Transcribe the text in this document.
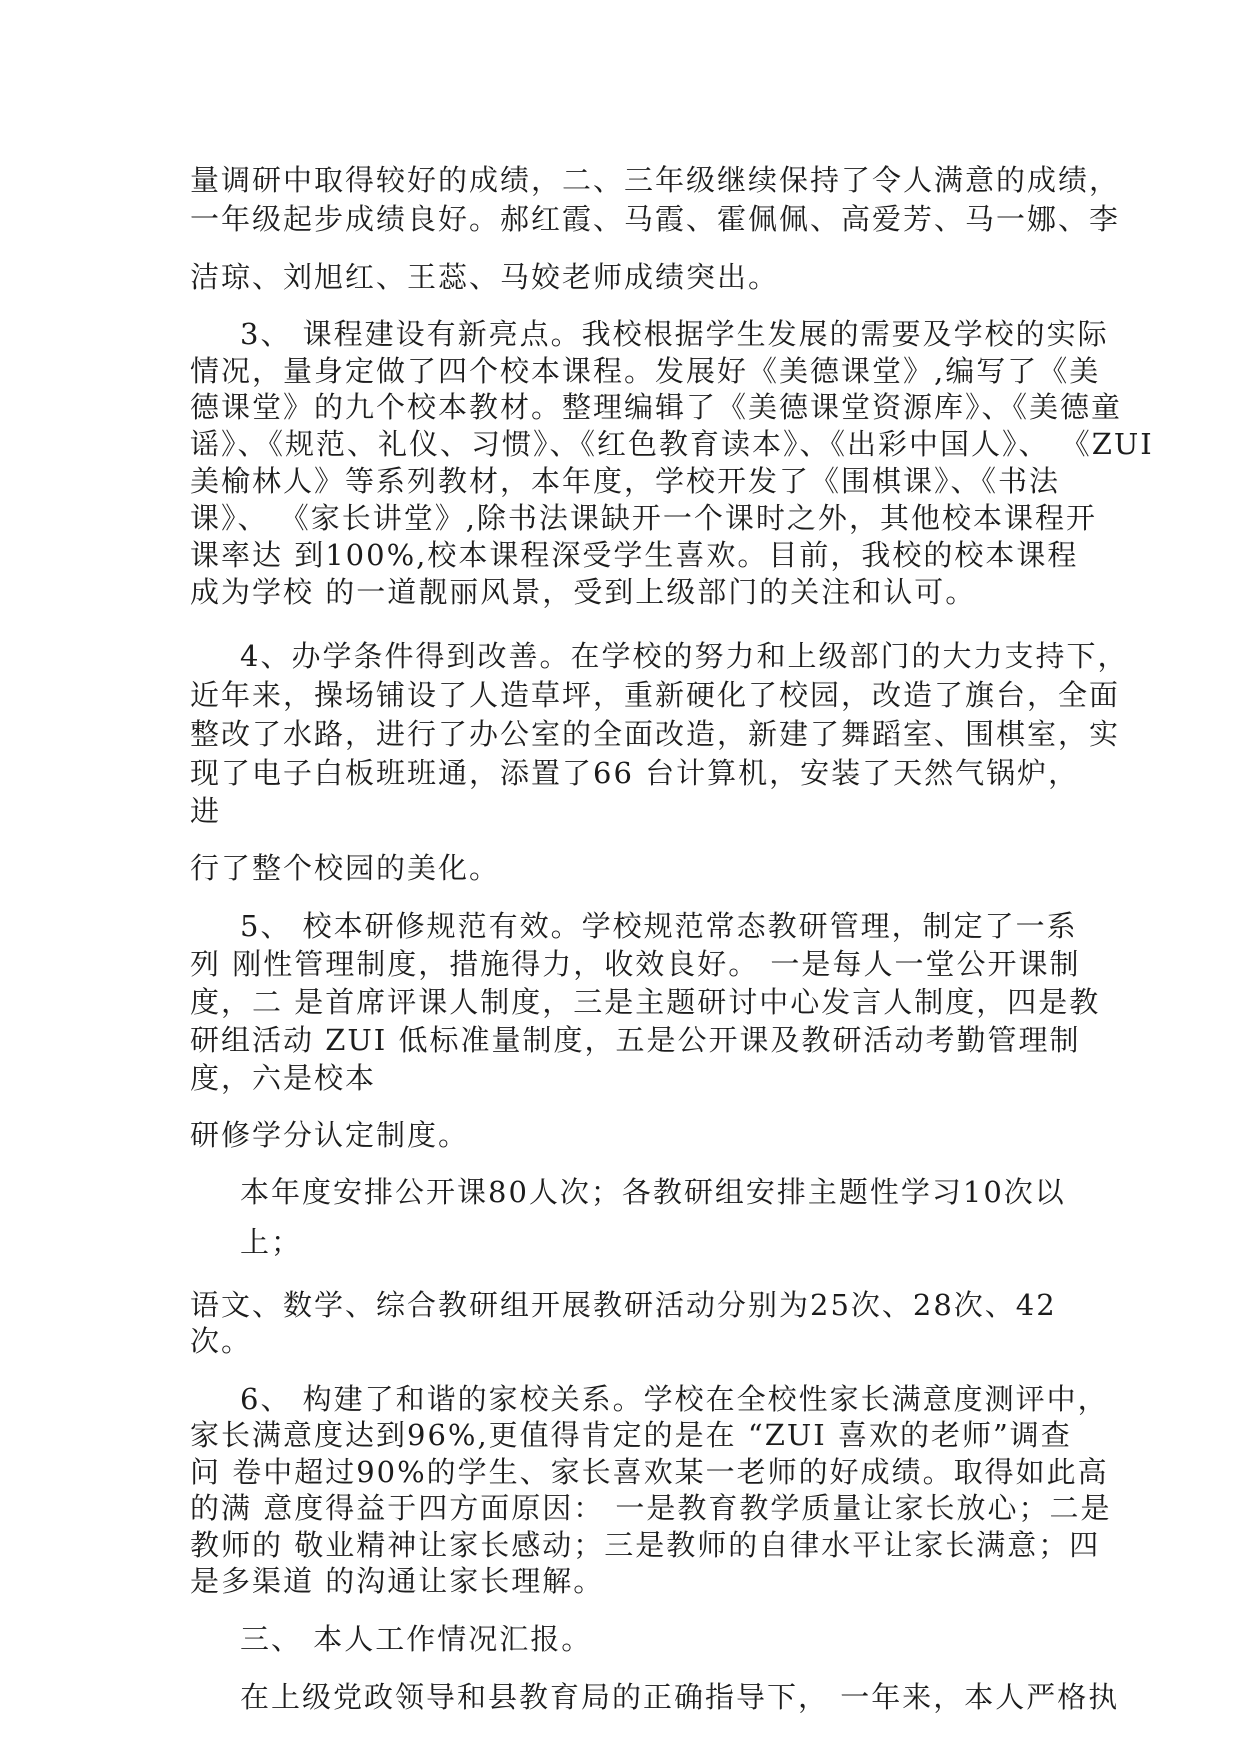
量调研中取得较好的成绩，二、三年级继续保持了令人满意的成绩，

一年级起步成绩良好。郝红霞、马霞、霍佩佩、高爱芳、马一娜、李

洁琼、刘旭红、王蕊、马姣老师成绩突出。

3、 课程建设有新亮点。我校根据学生发展的需要及学校的实际

情况，量身定做了四个校本课程。发展好《美德课堂》,编写了《美

德课堂》的九个校本教材。整理编辑了《美德课堂资源库》、《美德童

谣》、《规范、礼仪、习惯》、《红色教育读本》、《出彩中国人》、 《ZUI

美榆林人》等系列教材，本年度，学校开发了《围棋课》、《书法

课》、 《家长讲堂》,除书法课缺开一个课时之外，其他校本课程开

课率达 到100%,校本课程深受学生喜欢。目前，我校的校本课程

成为学校 的一道靓丽风景，受到上级部门的关注和认可。

4、办学条件得到改善。在学校的努力和上级部门的大力支持下，

近年来，操场铺设了人造草坪，重新硬化了校园，改造了旗台，全面

整改了水路，进行了办公室的全面改造，新建了舞蹈室、围棋室，实

现了电子白板班班通，添置了66 台计算机，安装了天然气锅炉，

进

行了整个校园的美化。

5、 校本研修规范有效。学校规范常态教研管理，制定了一系

列 刚性管理制度，措施得力，收效良好。 一是每人一堂公开课制

度，二 是首席评课人制度，三是主题研讨中心发言人制度，四是教

研组活动 ZUI 低标准量制度，五是公开课及教研活动考勤管理制

度，六是校本

研修学分认定制度。

本年度安排公开课80人次；各教研组安排主题性学习10次以

上；

语文、数学、综合教研组开展教研活动分别为25次、28次、42

次。

6、 构建了和谐的家校关系。学校在全校性家长满意度测评中，

家长满意度达到96%,更值得肯定的是在 “ZUI 喜欢的老师”调查

问 卷中超过90%的学生、家长喜欢某一老师的好成绩。取得如此高

的满 意度得益于四方面原因： 一是教育教学质量让家长放心；二是

教师的 敬业精神让家长感动；三是教师的自律水平让家长满意；四

是多渠道 的沟通让家长理解。

三、 本人工作情况汇报。

在上级党政领导和县教育局的正确指导下， 一年来，本人严格执
